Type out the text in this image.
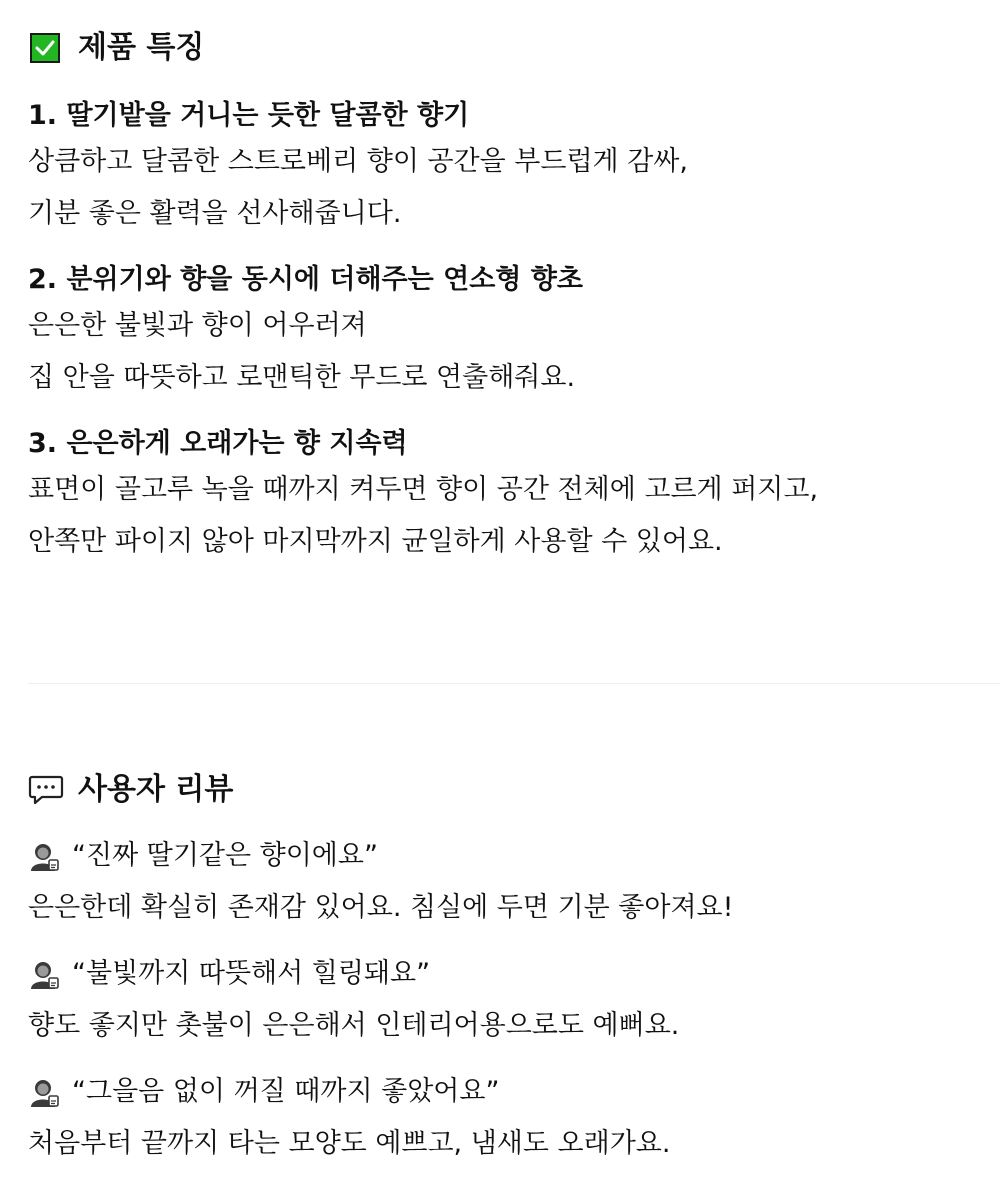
제품 특징

1. 딸기밭을 거니는 듯한 달콤한 향기

상큼하고 달콤한 스트로베리 향이 공간을 부드럽게 감싸,

기분 좋은 활력을 선사해줍니다.

2. 분위기와 향을 동시에 더해주는 연소형 향초

은은한 불빛과 향이 어우러져

집 안을 따뜻하고 로맨틱한 무드로 연출해줘요.

3. 은은하게 오래가는 향 지속력

표면이 골고루 녹을 때까지 켜두면 향이 공간 전체에 고르게 퍼지고,

안쪽만 파이지 않아 마지막까지 균일하게 사용할 수 있어요.

사용자 리뷰
“진짜 딸기같은 향이에요”

은은한데 확실히 존재감 있어요. 침실에 두면 기분 좋아져요!

“불빛까지 따뜻해서 힐링돼요”

향도 좋지만 촛불이 은은해서 인테리어용으로도 예뻐요.

“그을음 없이 꺼질 때까지 좋았어요”

처음부터 끝까지 타는 모양도 예쁘고, 냄새도 오래가요.
